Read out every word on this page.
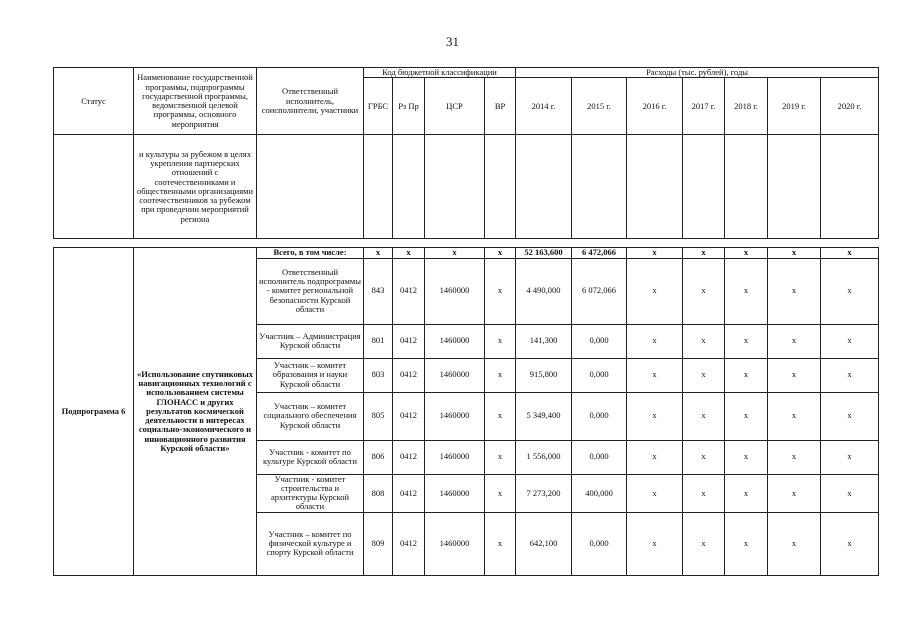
31
Статус	Наименование государственной программы, подпрограммы государственной программы, ведомственной целевой программы, основного мероприятия	Ответственный исполнитель, соисполнители, участники	Код бюджетной классификации				Расходы (тыс. рублей), годы						
			ГРБС	Рз Пр	ЦСР	ВР	2014 г.	2015 г.	2016 г.	2017 г.	2018 г.	2019 г.	2020 г.
	и культуры за рубежом в целях укрепления партнерских отношений с соотечественниками и общественными организациями соотечественников за рубежом при проведении мероприятий региона												

Подпрограмма 6	«Использование спутниковых навигационных технологий с использованием системы ГЛОНАСС и других результатов космической деятельности в интересах социально-экономического и инновационного развития Курской области»	Всего, в том числе:	x	x	x	x	52 163,600	6 472,066	x	x	x	x	x
		Ответственный исполнитель подпрограммы - комитет региональной безопасности Курской области	843	0412	1460000	x	4 490,000	6 072,066	x	x	x	x	x
		Участник – Администрация Курской области	801	0412	1460000	x	141,300	0,000	x	x	x	x	x
		Участник – комитет образования и науки Курской области	803	0412	1460000	x	915,800	0,000	x	x	x	x	x
		Участник – комитет социального обеспечения Курской области	805	0412	1460000	x	5 349,400	0,000	x	x	x	x	x
		Участник - комитет по культуре Курской области	806	0412	1460000	x	1 556,000	0,000	x	x	x	x	x
		Участник - комитет строительства и архитектуры Курской области	808	0412	1460000	x	7 273,200	400,000	x	x	x	x	x
		Участник – комитет по физической культуре и спорту Курской области	809	0412	1460000	x	642,100	0,000	x	x	x	x	x
